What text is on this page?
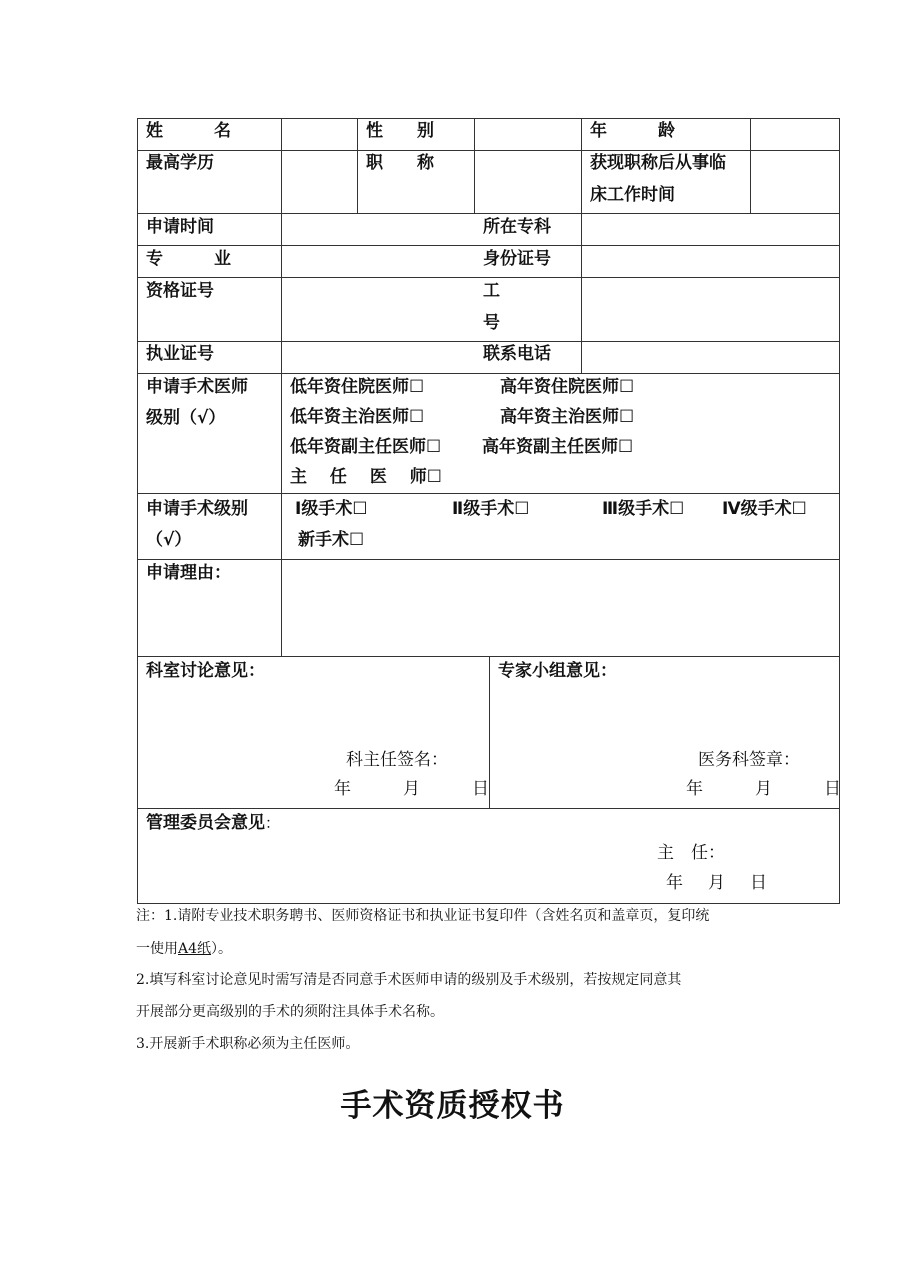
姓　　　名	性　　别	年　　　龄
最高学历	职　　称	获现职称后从事临
床工作时间
申请时间	所在专科
专　　　业	身份证号
资格证号	工
号
执业证号	联系电话
申请手术医师
级别（√）
低年资住院医师☐	高年资住院医师☐
低年资主治医师☐	高年资主治医师☐
低年资副主任医师☐ 高年资副主任医师☐
主　 任　 医　 师☐
申请手术级别
（√）
Ⅰ级手术☐	Ⅱ级手术☐	Ⅲ级手术☐ Ⅳ级手术☐
新手术☐
申请理由：
科室讨论意见：
科主任签名：
年　　月　　日
专家小组意见：
医务科签章：
年　　月　　日
管理委员会意见：
主　任：
年　月　日
注：1.请附专业技术职务聘书、医师资格证书和执业证书复印件（含姓名页和盖章页，复印统
一使用A4纸）。
2.填写科室讨论意见时需写清是否同意手术医师申请的级别及手术级别，若按规定同意其
开展部分更高级别的手术的须附注具体手术名称。
3.开展新手术职称必须为主任医师。
手术资质授权书
